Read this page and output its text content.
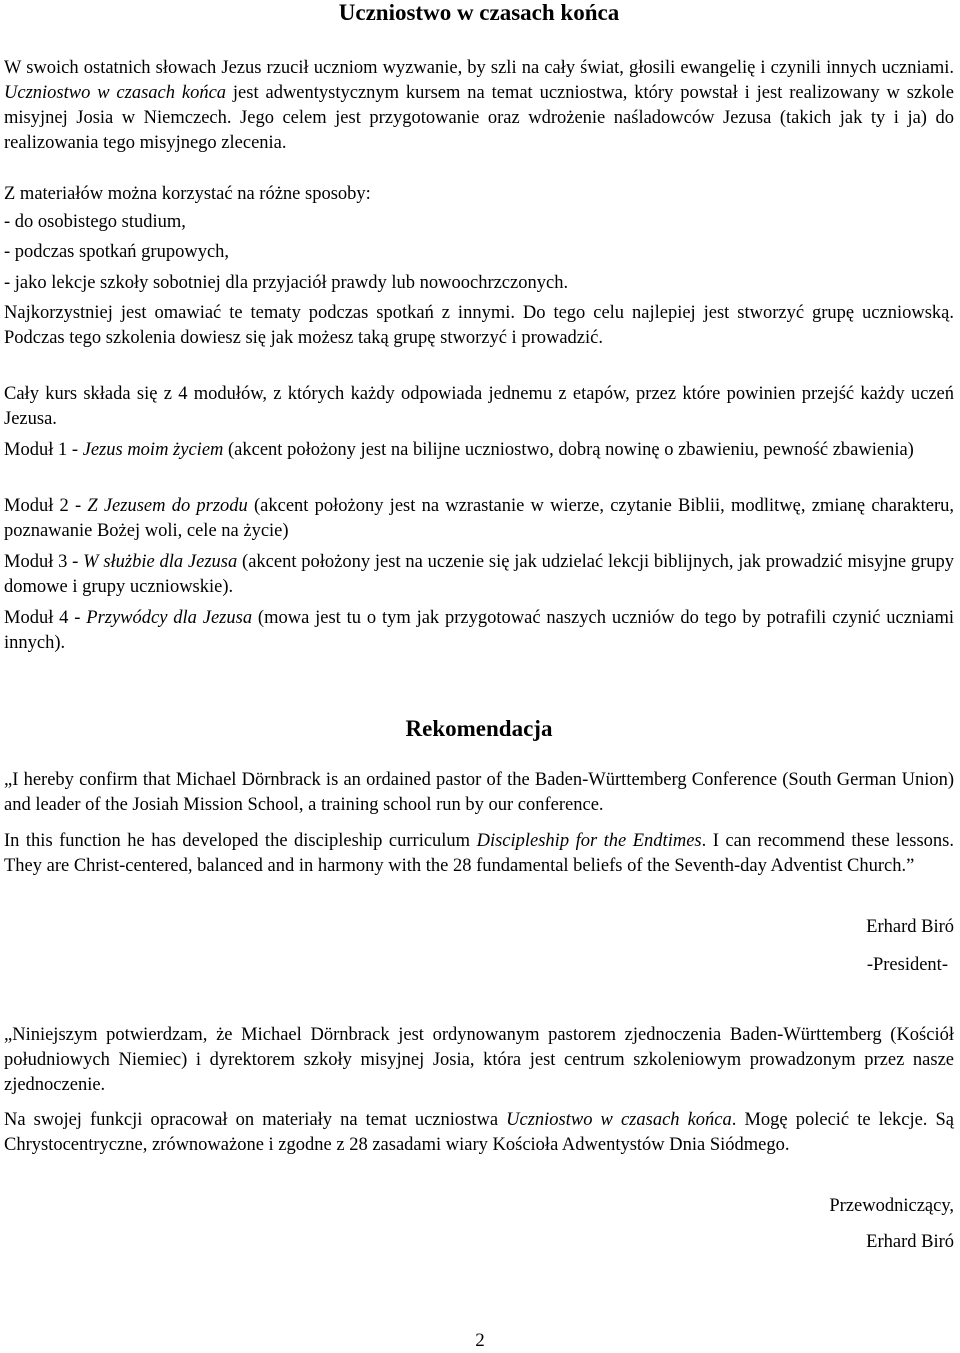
Uczniostwo w czasach końca

W swoich ostatnich słowach Jezus rzucił uczniom wyzwanie, by szli na cały świat, głosili ewangelię i czynili innych uczniami. Uczniostwo w czasach końca jest adwentystycznym kursem na temat uczniostwa, który powstał i jest realizowany w szkole misyjnej Josia w Niemczech. Jego celem jest przygotowanie oraz wdrożenie naśladowców Jezusa (takich jak ty i ja) do realizowania tego misyjnego zlecenia.

Z materiałów można korzystać na różne sposoby:

- do osobistego studium,

- podczas spotkań grupowych,

- jako lekcje szkoły sobotniej dla przyjaciół prawdy lub nowoochrzczonych.

Najkorzystniej jest omawiać te tematy podczas spotkań z innymi. Do tego celu najlepiej jest stworzyć grupę uczniowską. Podczas tego szkolenia dowiesz się jak możesz taką grupę stworzyć i prowadzić.

Cały kurs składa się z 4 modułów, z których każdy odpowiada jednemu z etapów, przez które powinien przejść każdy uczeń Jezusa.

Moduł 1 - Jezus moim życiem (akcent położony jest na bilijne uczniostwo, dobrą nowinę o zbawieniu, pewność zbawienia)

Moduł 2 - Z Jezusem do przodu (akcent położony jest na wzrastanie w wierze, czytanie Biblii, modlitwę, zmianę charakteru, poznawanie Bożej woli, cele na życie)

Moduł 3 - W służbie dla Jezusa (akcent położony jest na uczenie się jak udzielać lekcji biblijnych, jak prowadzić misyjne grupy domowe i grupy uczniowskie).

Moduł 4 - Przywódcy dla Jezusa (mowa jest tu o tym jak przygotować naszych uczniów do tego by potrafili czynić uczniami innych).

Rekomendacja

„I hereby confirm that Michael Dörnbrack is an ordained pastor of the Baden-Württemberg Conference (South German Union) and leader of the Josiah Mission School, a training school run by our conference.

In this function he has developed the discipleship curriculum Discipleship for the Endtimes. I can recommend these lessons. They are Christ-centered, balanced and in harmony with the 28 fundamental beliefs of the Seventh-day Adventist Church.”

Erhard Biró

-President-

„Niniejszym potwierdzam, że Michael Dörnbrack jest ordynowanym pastorem zjednoczenia Baden-Württemberg (Kościół południowych Niemiec) i dyrektorem szkoły misyjnej Josia, która jest centrum szkoleniowym prowadzonym przez nasze zjednoczenie.

Na swojej funkcji opracował on materiały na temat uczniostwa Uczniostwo w czasach końca. Mogę polecić te lekcje. Są Chrystocentryczne, zrównoważone i zgodne z 28 zasadami wiary Kościoła Adwentystów Dnia Siódmego.

Przewodniczący,

Erhard Biró

2
